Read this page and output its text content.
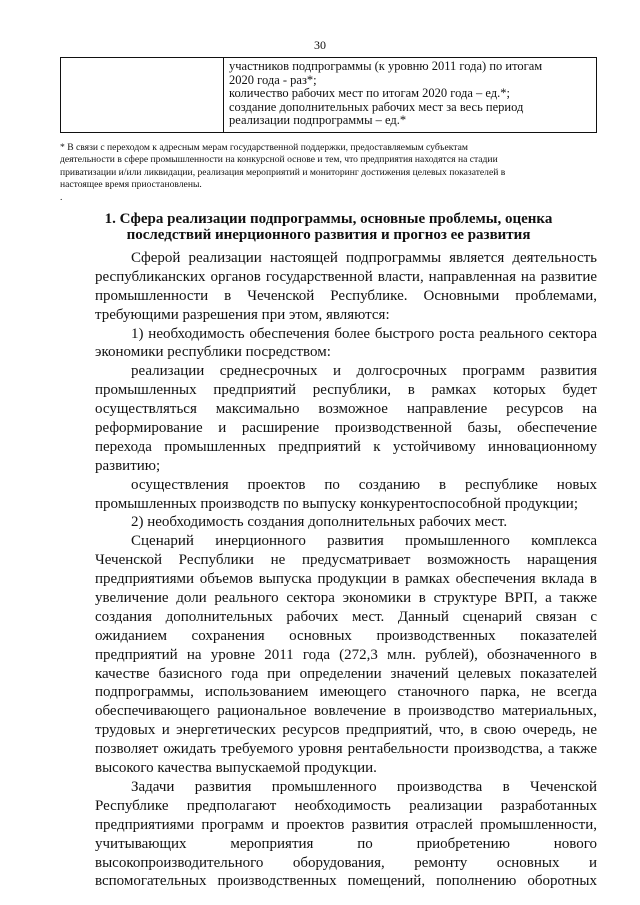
30

участников подпрограммы (к уровню 2011 года) по итогам
2020 года - раз*;
количество рабочих мест по итогам 2020 года – ед.*;
создание дополнительных рабочих мест за весь период
реализации подпрограммы – ед.*
* В связи с переходом к адресным мерам государственной поддержки, предоставляемым субъектам
деятельности в сфере промышленности на конкурсной основе и тем, что предприятия находятся на стадии
приватизации и/или ликвидации, реализация мероприятий и мониторинг достижения целевых показателей в
настоящее время приостановлены.
.
1. Сфера реализации подпрограммы, основные проблемы, оценка
последствий инерционного развития и прогноз ее развития
Сферой реализации настоящей подпрограммы является деятельность
республиканских органов государственной власти, направленная на развитие
промышленности в Чеченской Республике. Основными проблемами,
требующими разрешения при этом, являются:
1) необходимость обеспечения более быстрого роста реального сектора
экономики республики посредством:
реализации среднесрочных и долгосрочных программ развития
промышленных предприятий республики, в рамках которых будет
осуществляться максимально возможное направление ресурсов на
реформирование и расширение производственной базы, обеспечение
перехода промышленных предприятий к устойчивому инновационному
развитию;
осуществления проектов по созданию в республике новых
промышленных производств по выпуску конкурентоспособной продукции;
2) необходимость создания дополнительных рабочих мест.
Сценарий инерционного развития промышленного комплекса
Чеченской Республики не предусматривает возможность наращения
предприятиями объемов выпуска продукции в рамках обеспечения вклада в
увеличение доли реального сектора экономики в структуре ВРП, а также
создания дополнительных рабочих мест. Данный сценарий связан с
ожиданием сохранения основных производственных показателей
предприятий на уровне 2011 года (272,3 млн. рублей), обозначенного в
качестве базисного года при определении значений целевых показателей
подпрограммы, использованием имеющего станочного парка, не всегда
обеспечивающего рациональное вовлечение в производство материальных,
трудовых и энергетических ресурсов предприятий, что, в свою очередь, не
позволяет ожидать требуемого уровня рентабельности производства, а также
высокого качества выпускаемой продукции.
Задачи развития промышленного производства в Чеченской
Республике предполагают необходимость реализации разработанных
предприятиями программ и проектов развития отраслей промышленности,
учитывающих мероприятия по приобретению нового
высокопроизводительного оборудования, ремонту основных и
вспомогательных производственных помещений, пополнению оборотных
